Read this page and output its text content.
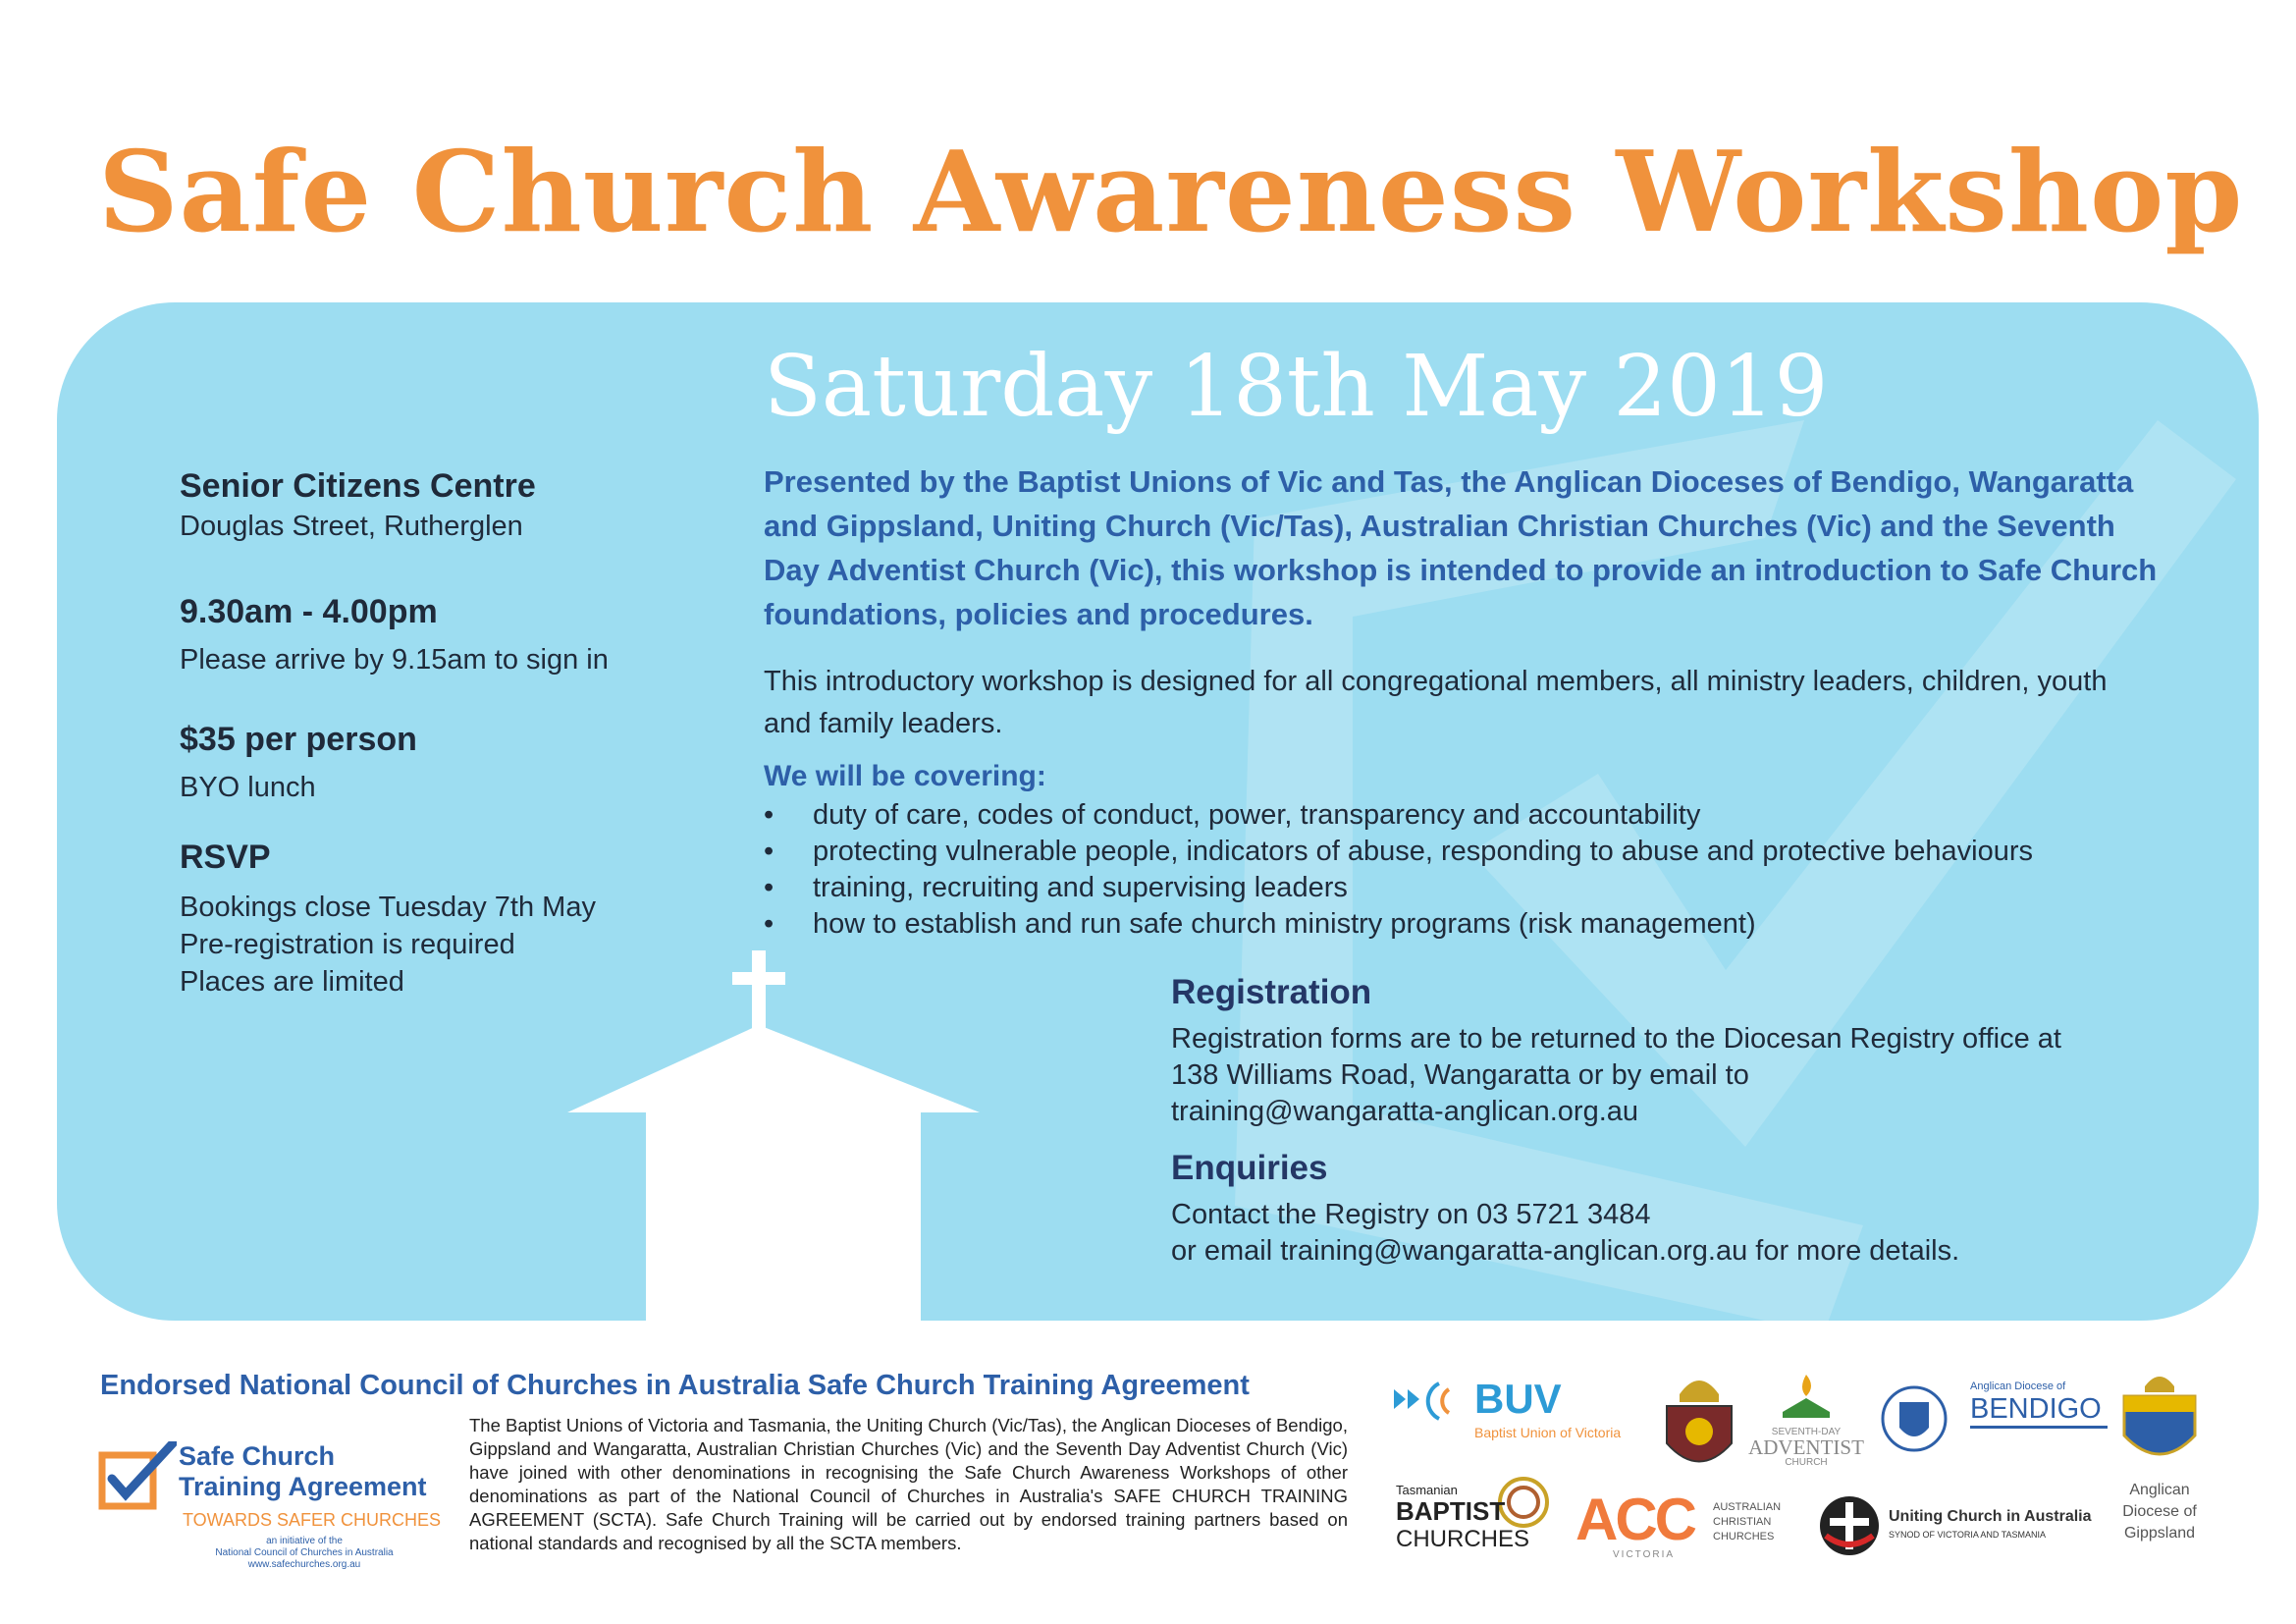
Safe Church Awareness Workshop
Saturday 18th May 2019
Senior Citizens Centre
Douglas Street, Rutherglen
9.30am - 4.00pm
Please arrive by 9.15am to sign in
$35 per person
BYO lunch
RSVP
Bookings close Tuesday 7th May
Pre-registration is required
Places are limited
Presented by the Baptist Unions of Vic and Tas, the Anglican Dioceses of Bendigo, Wangaratta and Gippsland, Uniting Church (Vic/Tas), Australian Christian Churches (Vic) and the Seventh Day Adventist Church (Vic), this workshop is intended to provide an introduction to Safe Church foundations, policies and procedures.
This introductory workshop is designed for all congregational members, all ministry leaders, children, youth and family leaders.
We will be covering:
• duty of care, codes of conduct, power, transparency and accountability
• protecting vulnerable people, indicators of abuse, responding to abuse and protective behaviours
• training, recruiting and supervising leaders
• how to establish and run safe church ministry programs (risk management)
Registration
Registration forms are to be returned to the Diocesan Registry office at
138 Williams Road, Wangaratta or by email to
training@wangaratta-anglican.org.au
Enquiries
Contact the Registry on 03 5721 3484
or email training@wangaratta-anglican.org.au for more details.
Endorsed National Council of Churches in Australia Safe Church Training Agreement
Safe Church
Training Agreement
TOWARDS SAFER CHURCHES
an initiative of the
National Council of Churches in Australia
www.safechurches.org.au
The Baptist Unions of Victoria and Tasmania, the Uniting Church (Vic/Tas), the Anglican Dioceses of Bendigo, Gippsland and Wangaratta, Australian Christian Churches (Vic) and the Seventh Day Adventist Church (Vic) have joined with other denominations in recognising the Safe Church Awareness Workshops of other denominations as part of the National Council of Churches in Australia's SAFE CHURCH TRAINING AGREEMENT (SCTA). Safe Church Training will be carried out by endorsed training partners based on national standards and recognised by all the SCTA members.
BUV
Baptist Union of Victoria	SEVENTH-DAY
ADVENTIST
CHURCH
Anglican Diocese of
BENDIGO
Anglican
Diocese of
Gippsland
Tasmanian
BAPTIST
CHURCHES ACC
VICTORIA
AUSTRALIAN
CHRISTIAN
CHURCHES
Uniting Church in Australia
SYNOD OF VICTORIA AND TASMANIA
